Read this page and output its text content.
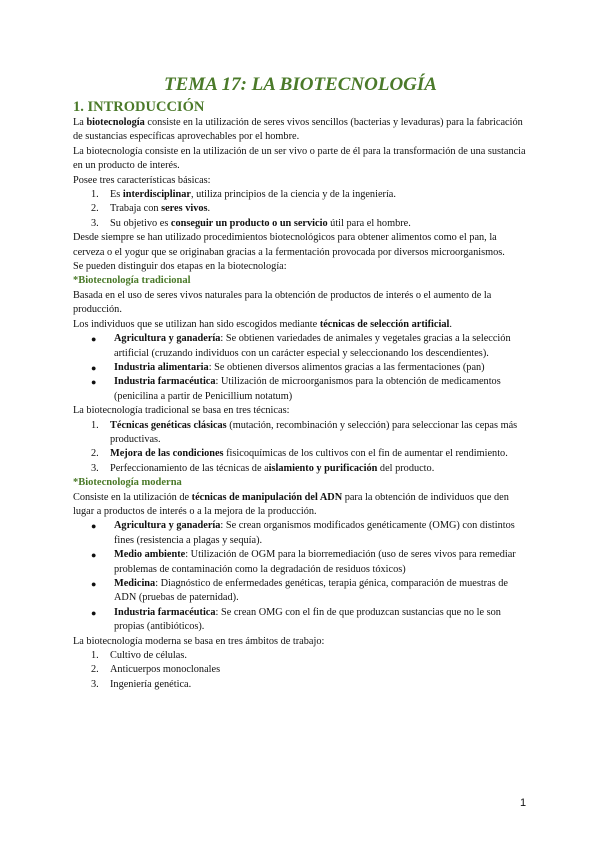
TEMA 17: LA BIOTECNOLOGÍA
1. INTRODUCCIÓN

La biotecnología consiste en la utilización de seres vivos sencillos (bacterias y levaduras) para la fabricación de sustancias específicas aprovechables por el hombre.

La biotecnología consiste en la utilización de un ser vivo o parte de él para la transformación de una sustancia en un producto de interés.

Posee tres características básicas:

1. Es interdisciplinar, utiliza principios de la ciencia y de la ingeniería.
2. Trabaja con seres vivos.
3. Su objetivo es conseguir un producto o un servicio útil para el hombre.

Desde siempre se han utilizado procedimientos biotecnológicos para obtener alimentos como el pan, la cerveza o el yogur que se originaban gracias a la fermentación provocada por diversos microorganismos.

Se pueden distinguir dos etapas en la biotecnología:

*Biotecnología tradicional

Basada en el uso de seres vivos naturales para la obtención de productos de interés o el aumento de la producción.

Los individuos que se utilizan han sido escogidos mediante técnicas de selección artificial.

● Agricultura y ganadería: Se obtienen variedades de animales y vegetales gracias a la selección artificial (cruzando individuos con un carácter especial y seleccionando los descendientes).
● Industria alimentaria: Se obtienen diversos alimentos gracias a las fermentaciones (pan)
● Industria farmacéutica: Utilización de microorganismos para la obtención de medicamentos (penicilina a partir de Penicillium notatum)

La biotecnología tradicional se basa en tres técnicas:

1. Técnicas genéticas clásicas (mutación, recombinación y selección) para seleccionar las cepas más productivas.
2. Mejora de las condiciones fisicoquímicas de los cultivos con el fin de aumentar el rendimiento.
3. Perfeccionamiento de las técnicas de aislamiento y purificación del producto.
*Biotecnología moderna

Consiste en la utilización de técnicas de manipulación del ADN para la obtención de individuos que den lugar a productos de interés o a la mejora de la producción.

● Agricultura y ganadería: Se crean organismos modificados genéticamente (OMG) con distintos fines (resistencia a plagas y sequía).
● Medio ambiente: Utilización de OGM para la biorremediación (uso de seres vivos para remediar problemas de contaminación como la degradación de residuos tóxicos)
● Medicina: Diagnóstico de enfermedades genéticas, terapia génica, comparación de muestras de ADN (pruebas de paternidad).
● Industria farmacéutica: Se crean OMG con el fin de que produzcan sustancias que no le son propias (antibióticos).

La biotecnología moderna se basa en tres ámbitos de trabajo:

1. Cultivo de células.
2. Anticuerpos monoclonales
3. Ingeniería genética.
1
